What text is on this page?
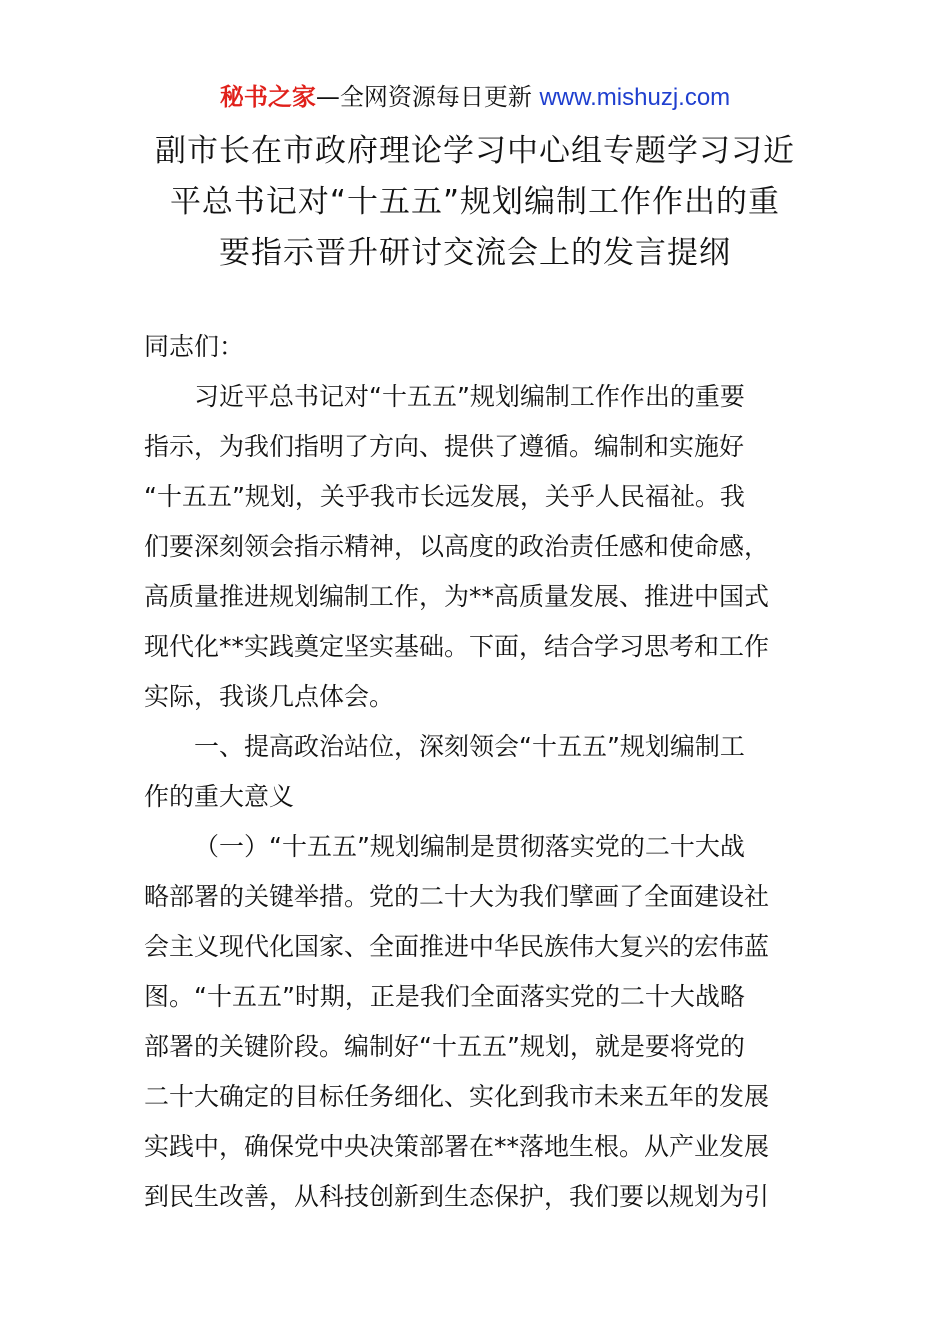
秘书之家—全网资源每日更新 www.mishuzj.com
副市长在市政府理论学习中心组专题学习习近
平总书记对“十五五”规划编制工作作出的重
要指示晋升研讨交流会上的发言提纲
同志们：
习近平总书记对“十五五”规划编制工作作出的重要
指示，为我们指明了方向、提供了遵循。编制和实施好
“十五五”规划，关乎我市长远发展，关乎人民福祉。我
们要深刻领会指示精神，以高度的政治责任感和使命感，
高质量推进规划编制工作，为**高质量发展、推进中国式
现代化**实践奠定坚实基础。下面，结合学习思考和工作
实际，我谈几点体会。
一、提高政治站位，深刻领会“十五五”规划编制工
作的重大意义
（一）“十五五”规划编制是贯彻落实党的二十大战
略部署的关键举措。党的二十大为我们擘画了全面建设社
会主义现代化国家、全面推进中华民族伟大复兴的宏伟蓝
图。“十五五”时期，正是我们全面落实党的二十大战略
部署的关键阶段。编制好“十五五”规划，就是要将党的
二十大确定的目标任务细化、实化到我市未来五年的发展
实践中，确保党中央决策部署在**落地生根。从产业发展
到民生改善，从科技创新到生态保护，我们要以规划为引
